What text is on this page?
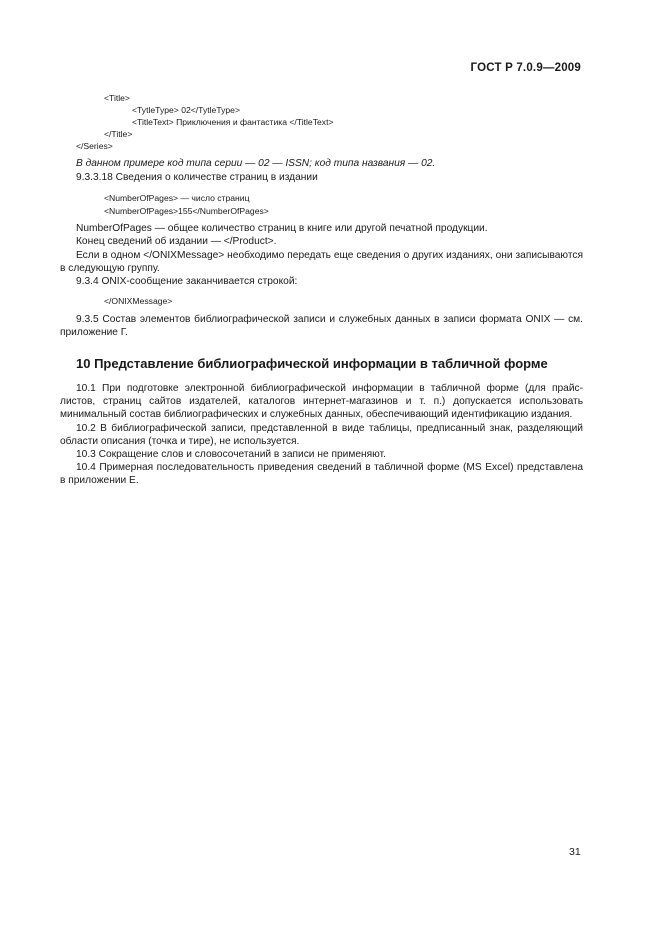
ГОСТ Р 7.0.9—2009
<Title>
<TytleType> 02</TytleType>
<TitleText> Приключения и фантастика </TitleText>
</Title>
</Series>
В данном примере код типа серии — 02 — ISSN; код типа названия — 02.
9.3.3.18 Сведения о количестве страниц в издании
<NumberOfPages> — число страниц
<NumberOfPages>155</NumberOfPages>
NumberOfPages — общее количество страниц в книге или другой печатной продукции.
Конец сведений об издании — </Product>.
Если в одном </ONIXMessage> необходимо передать еще сведения о других изданиях, они записываются в следующую группу.
9.3.4 ONIX-сообщение заканчивается строкой:
</ONIXMessage>
9.3.5 Состав элементов библиографической записи и служебных данных в записи формата ONIX — см. приложение Г.
10 Представление библиографической информации в табличной форме
10.1 При подготовке электронной библиографической информации в табличной форме (для прайс-листов, страниц сайтов издателей, каталогов интернет-магазинов и т. п.) допускается использовать минимальный состав библиографических и служебных данных, обеспечивающий идентификацию издания.
10.2 В библиографической записи, представленной в виде таблицы, предписанный знак, разделяющий области описания (точка и тире), не используется.
10.3 Сокращение слов и словосочетаний в записи не применяют.
10.4 Примерная последовательность приведения сведений в табличной форме (MS Excel) представлена в приложении Е.
31
